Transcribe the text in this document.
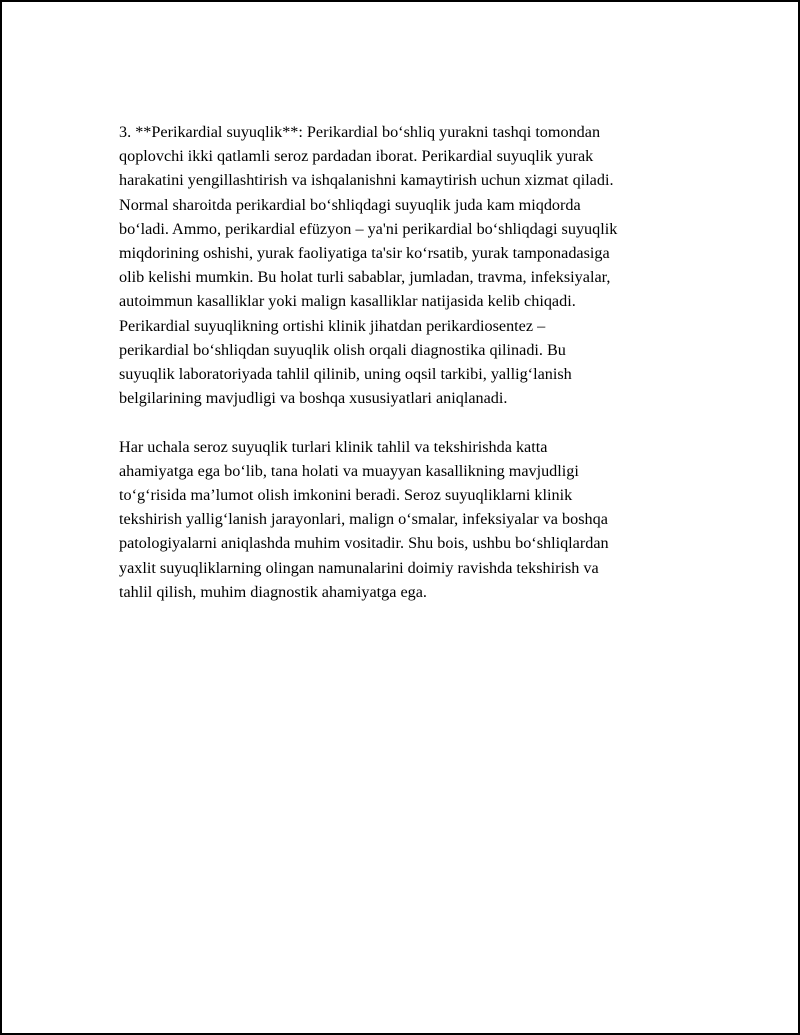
3. **Perikardial suyuqlik**: Perikardial bo‘shliq yurakni tashqi tomondan
qoplovchi ikki qatlamli seroz pardadan iborat. Perikardial suyuqlik yurak
harakatini yengillashtirish va ishqalanishni kamaytirish uchun xizmat qiladi.
Normal sharoitda perikardial bo‘shliqdagi suyuqlik juda kam miqdorda
bo‘ladi. Ammo, perikardial efüzyon – ya'ni perikardial bo‘shliqdagi suyuqlik
miqdorining oshishi, yurak faoliyatiga ta'sir ko‘rsatib, yurak tamponadasiga
olib kelishi mumkin. Bu holat turli sabablar, jumladan, travma, infeksiyalar,
autoimmun kasalliklar yoki malign kasalliklar natijasida kelib chiqadi.
Perikardial suyuqlikning ortishi klinik jihatdan perikardiosentez –
perikardial bo‘shliqdan suyuqlik olish orqali diagnostika qilinadi. Bu
suyuqlik laboratoriyada tahlil qilinib, uning oqsil tarkibi, yallig‘lanish
belgilarining mavjudligi va boshqa xususiyatlari aniqlanadi.

Har uchala seroz suyuqlik turlari klinik tahlil va tekshirishda katta
ahamiyatga ega bo‘lib, tana holati va muayyan kasallikning mavjudligi
to‘g‘risida ma’lumot olish imkonini beradi. Seroz suyuqliklarni klinik
tekshirish yallig‘lanish jarayonlari, malign o‘smalar, infeksiyalar va boshqa
patologiyalarni aniqlashda muhim vositadir. Shu bois, ushbu bo‘shliqlardan
yaxlit suyuqliklarning olingan namunalarini doimiy ravishda tekshirish va
tahlil qilish, muhim diagnostik ahamiyatga ega.
